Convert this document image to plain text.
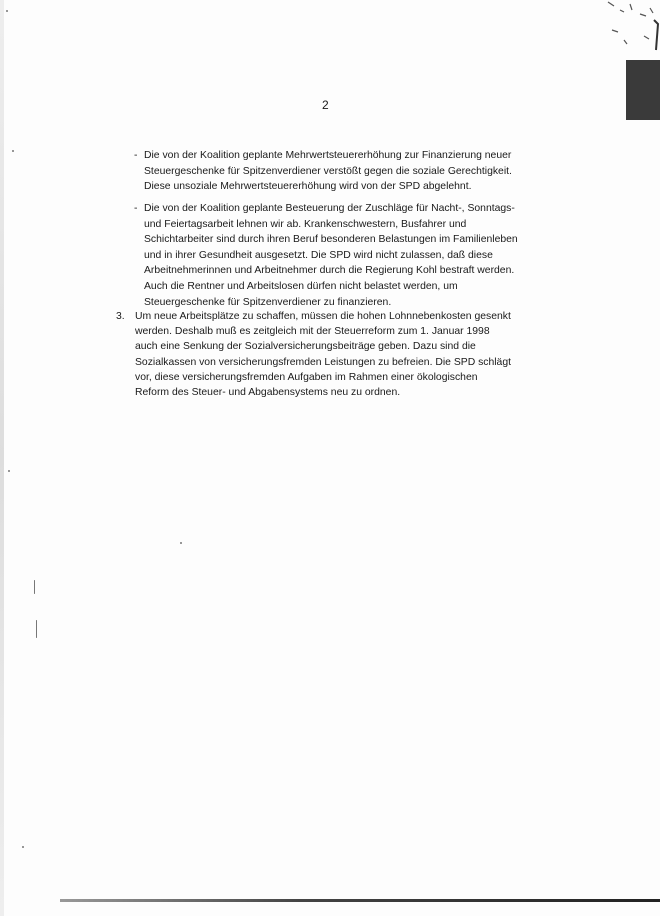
2
- Die von der Koalition geplante Mehrwertsteuererhöhung zur Finanzierung neuer
Steuergeschenke für Spitzenverdiener verstößt gegen die soziale Gerechtigkeit.
Diese unsoziale Mehrwertsteuererhöhung wird von der SPD abgelehnt.
- Die von der Koalition geplante Besteuerung der Zuschläge für Nacht-, Sonntags-
und Feiertagsarbeit lehnen wir ab. Krankenschwestern, Busfahrer und
Schichtarbeiter sind durch ihren Beruf besonderen Belastungen im Familienleben
und in ihrer Gesundheit ausgesetzt. Die SPD wird nicht zulassen, daß diese
Arbeitnehmerinnen und Arbeitnehmer durch die Regierung Kohl bestraft werden.
Auch die Rentner und Arbeitslosen dürfen nicht belastet werden, um
Steuergeschenke für Spitzenverdiener zu finanzieren.
3. Um neue Arbeitsplätze zu schaffen, müssen die hohen Lohnnebenkosten gesenkt
werden. Deshalb muß es zeitgleich mit der Steuerreform zum 1. Januar 1998
auch eine Senkung der Sozialversicherungsbeiträge geben. Dazu sind die
Sozialkassen von versicherungsfremden Leistungen zu befreien. Die SPD schlägt
vor, diese versicherungsfremden Aufgaben im Rahmen einer ökologischen
Reform des Steuer- und Abgabensystems neu zu ordnen.
